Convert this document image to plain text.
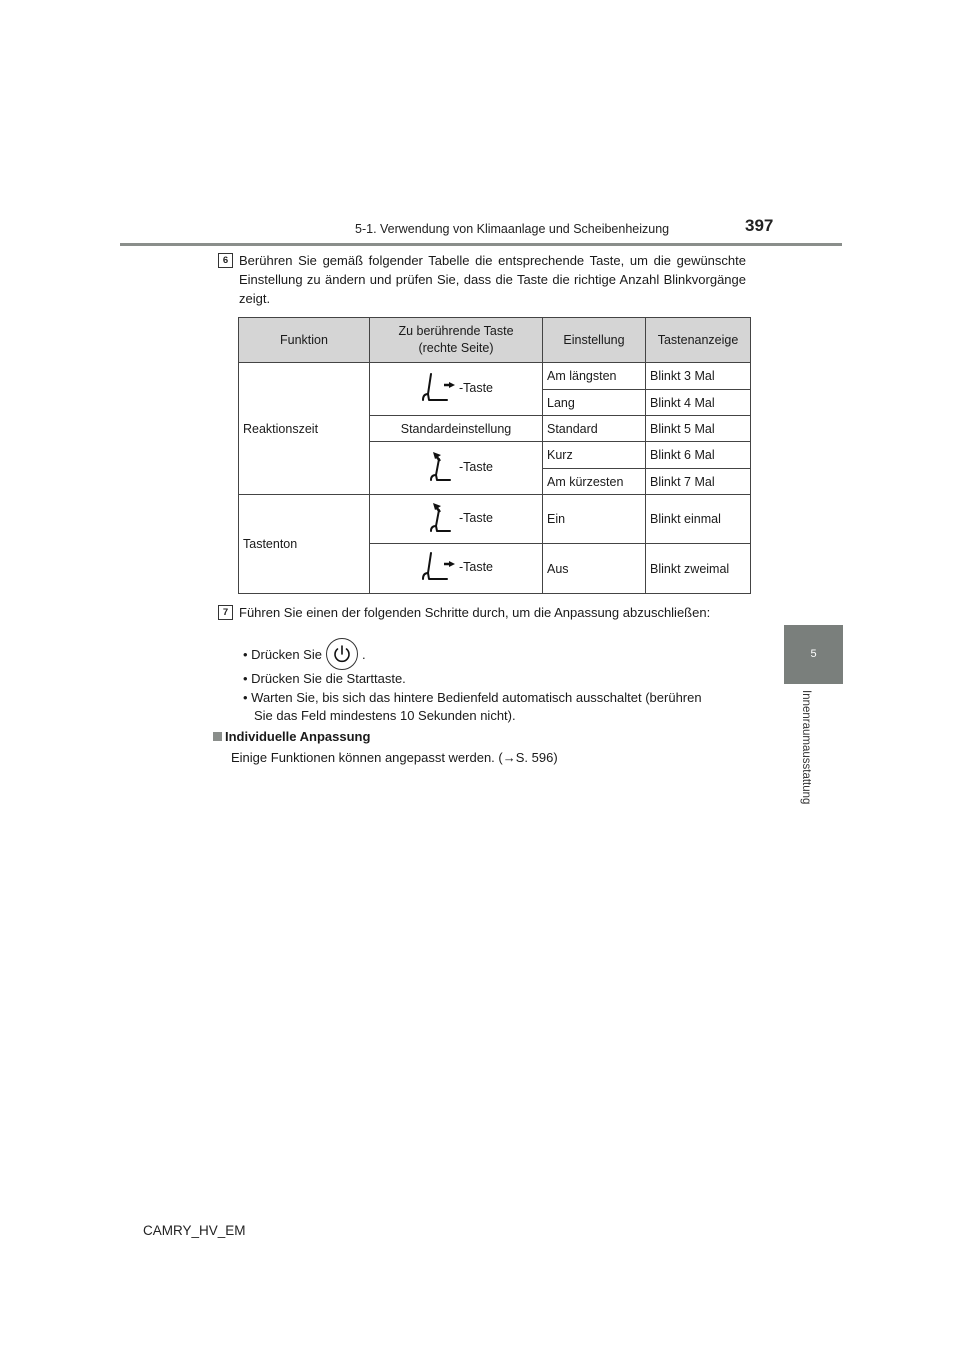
5-1. Verwendung von Klimaanlage und Scheibenheizung	397
5
Innenraumausstattung
6 Berühren Sie gemäß folgender Tabelle die entsprechende Taste, um die gewünschte Einstellung zu ändern und prüfen Sie, dass die Taste die richtige Anzahl Blinkvorgänge zeigt.
Funktion	Zu berührende Taste (rechte Seite)	Einstellung	Tastenanzeige
Reaktionszeit	-Taste	Am längsten	Blinkt 3 Mal
		Lang	Blinkt 4 Mal
	Standardeinstellung	Standard	Blinkt 5 Mal

	-Taste	Kurz	Blinkt 6 Mal
		Am kürzesten	Blinkt 7 Mal
Tastenton	-Taste	Ein	Blinkt einmal

	-Taste	Aus	Blinkt zweimal
7 Führen Sie einen der folgenden Schritte durch, um die Anpassung abzuschließen:
• Drücken Sie	.
• Drücken Sie die Starttaste.
• Warten Sie, bis sich das hintere Bedienfeld automatisch ausschaltet (berühren
Sie das Feld mindestens 10 Sekunden nicht).
Individuelle Anpassung
Einige Funktionen können angepasst werden. (→S. 596)
CAMRY_HV_EM
